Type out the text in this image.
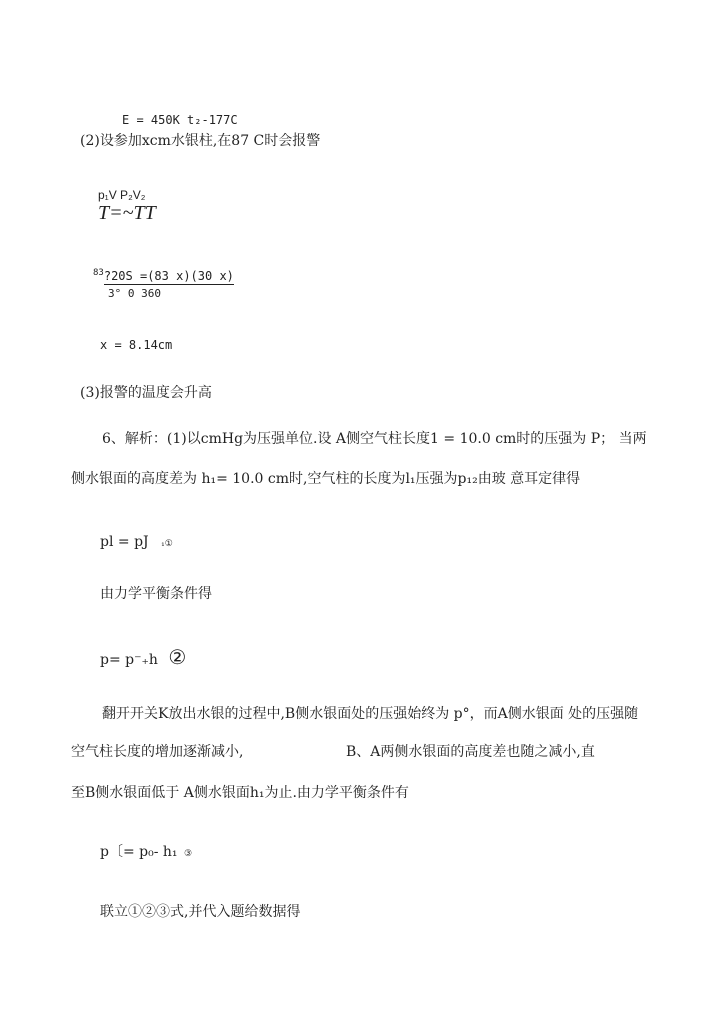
E = 450K t₂-177C
(2)设参加xcm水银柱,在87 C时会报警
p₁V P₂V₂
T=~TT
$^{83}$?20S =(83 x)(30 x)
3° 0 360
x = 8.14cm
(3)报警的温度会升高
6、解析：(1)以cmHg为压强单位.设 A侧空气柱长度1 = 10.0 cm时的压强为 P； 当两
侧水银面的高度差为 h₁= 10.0 cm时,空气柱的长度为l₁压强为p₁₂由玻 意耳定律得
pl = pJ ₁①
由力学平衡条件得
p= p⁻₊h ②
翻开开关K放出水银的过程中,B侧水银面处的压强始终为 p°，而A侧水银面 处的压强随
空气柱长度的增加逐渐减小,	B、A两侧水银面的高度差也随之减小,直
至B侧水银面低于 A侧水银面h₁为止.由力学平衡条件有
p〔= p₀- h₁ ③
联立①②③式,并代入题给数据得
